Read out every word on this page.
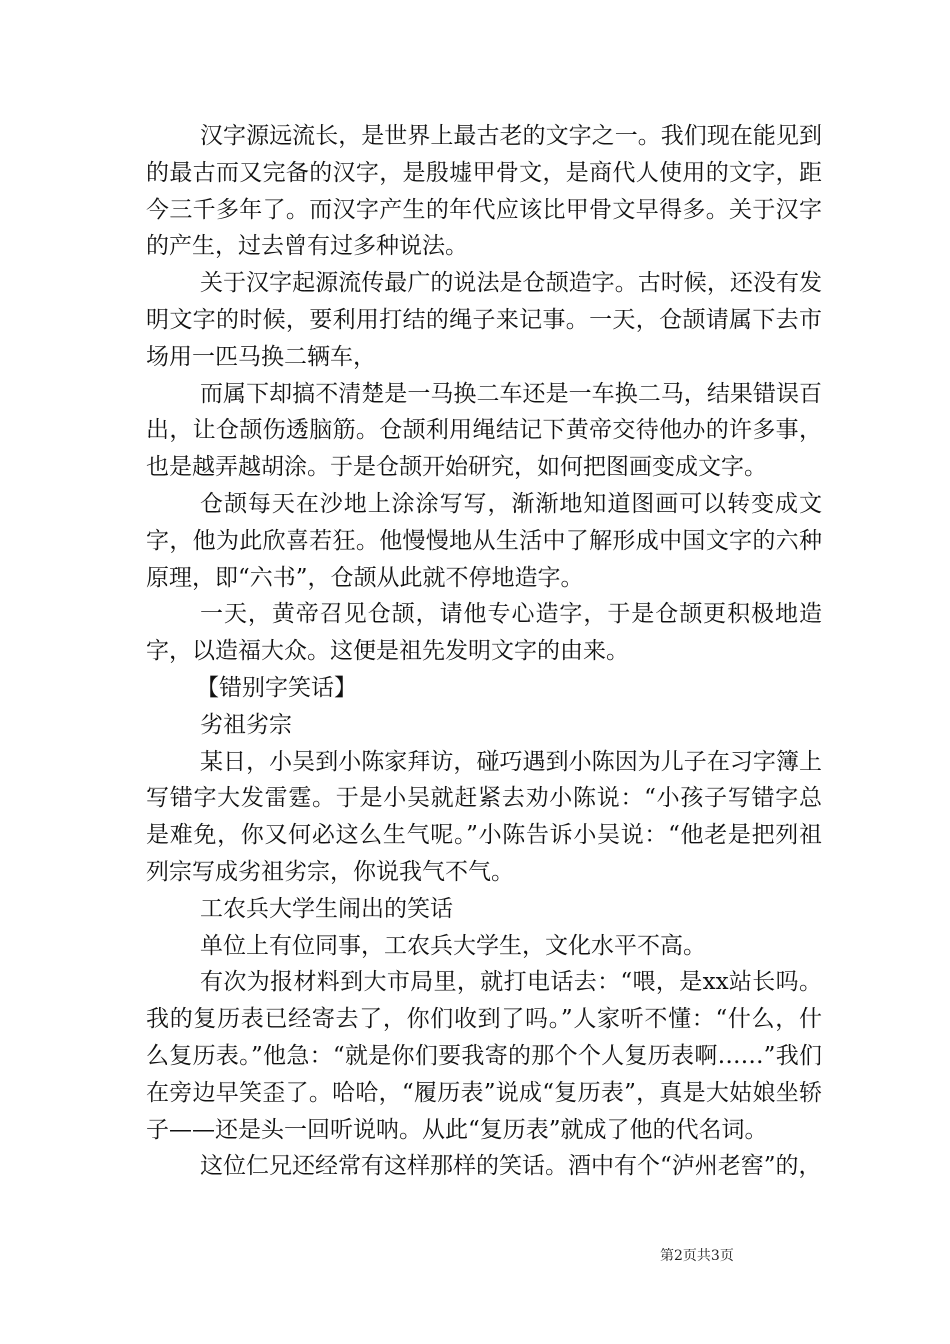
汉字源远流长，是世界上最古老的文字之一。我们现在能见到的最古而又完备的汉字，是殷墟甲骨文，是商代人使用的文字，距今三千多年了。而汉字产生的年代应该比甲骨文早得多。关于汉字的产生，过去曾有过多种说法。

关于汉字起源流传最广的说法是仓颉造字。古时候，还没有发明文字的时候，要利用打结的绳子来记事。一天，仓颉请属下去市场用一匹马换二辆车，

而属下却搞不清楚是一马换二车还是一车换二马，结果错误百出，让仓颉伤透脑筋。仓颉利用绳结记下黄帝交待他办的许多事，也是越弄越胡涂。于是仓颉开始研究，如何把图画变成文字。

仓颉每天在沙地上涂涂写写，渐渐地知道图画可以转变成文字，他为此欣喜若狂。他慢慢地从生活中了解形成中国文字的六种原理，即“六书”，仓颉从此就不停地造字。

一天，黄帝召见仓颉，请他专心造字，于是仓颉更积极地造字，以造福大众。这便是祖先发明文字的由来。

【错别字笑话】

劣祖劣宗

某日，小吴到小陈家拜访，碰巧遇到小陈因为儿子在习字簿上写错字大发雷霆。于是小吴就赶紧去劝小陈说：“小孩子写错字总是难免，你又何必这么生气呢。”小陈告诉小吴说：“他老是把列祖列宗写成劣祖劣宗，你说我气不气。

工农兵大学生闹出的笑话

单位上有位同事，工农兵大学生，文化水平不高。

有次为报材料到大市局里，就打电话去：“喂，是xx站长吗。我的复历表已经寄去了，你们收到了吗。”人家听不懂：“什么，什么复历表。”他急：“就是你们要我寄的那个个人复历表啊……”我们在旁边早笑歪了。哈哈，“履历表”说成“复历表”，真是大姑娘坐轿子——还是头一回听说呐。从此“复历表”就成了他的代名词。

这位仁兄还经常有这样那样的笑话。酒中有个“泸州老窖”的，

第2页共3页
